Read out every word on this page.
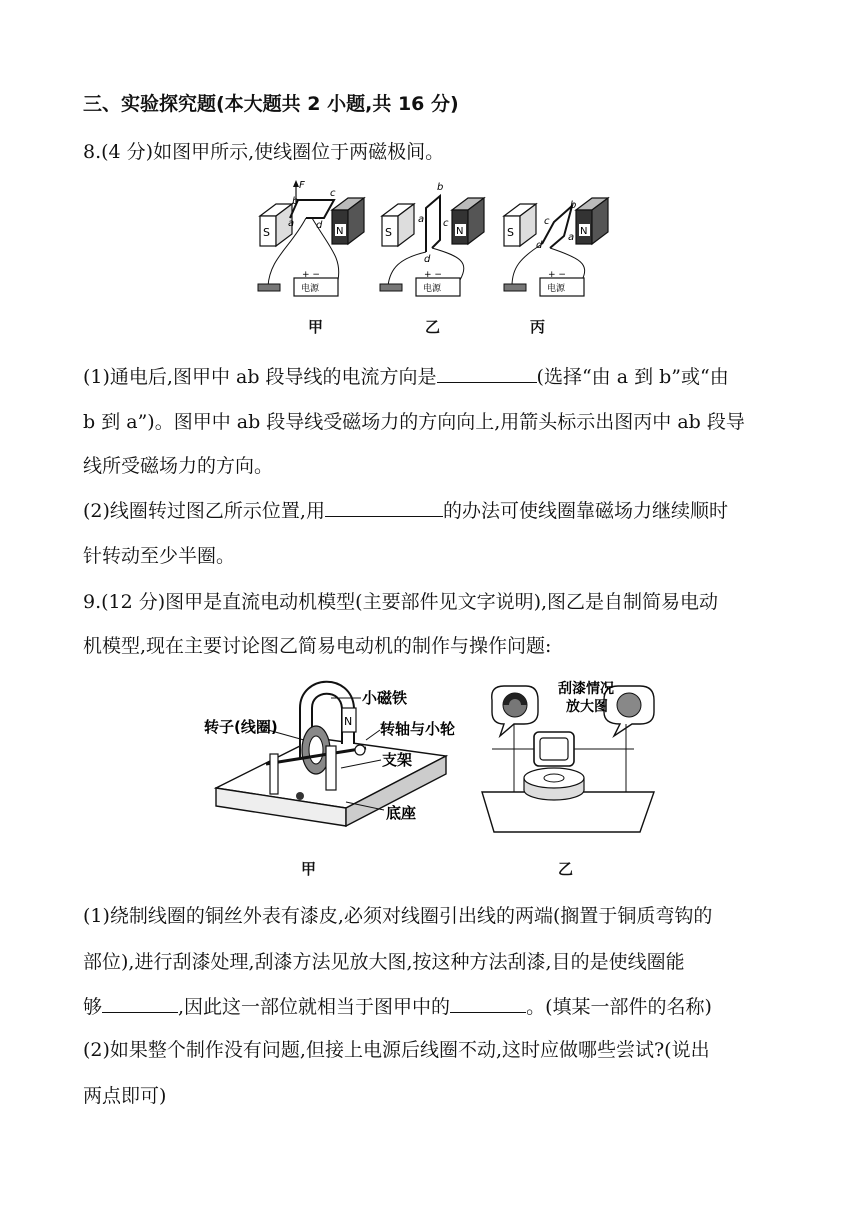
三、实验探究题(本大题共 2 小题,共 16 分)
8.(4 分)如图甲所示,使线圈位于两磁极间。
S	N
F
b
c
d
a
电源
+ −
S	N
b
a c
d
电源
+ −
S	N
b
c
a
d
电源
+ −
甲	乙	丙
(1)通电后,图甲中 ab 段导线的电流方向是	(选择“由 a 到 b”或“由
b 到 a”)。图甲中 ab 段导线受磁场力的方向向上,用箭头标示出图丙中 ab 段导
线所受磁场力的方向。
(2)线圈转过图乙所示位置,用	的办法可使线圈靠磁场力继续顺时
针转动至少半圈。
9.(12 分)图甲是直流电动机模型(主要部件见文字说明),图乙是自制简易电动
机模型,现在主要讨论图乙简易电动机的制作与操作问题:
N
小磁铁
转子(线圈)	转轴与小轮
支架
底座
刮漆情况
放大图
甲	乙
(1)绕制线圈的铜丝外表有漆皮,必须对线圈引出线的两端(搁置于铜质弯钩的
部位),进行刮漆处理,刮漆方法见放大图,按这种方法刮漆,目的是使线圈能
够	,因此这一部位就相当于图甲中的	。(填某一部件的名称)
(2)如果整个制作没有问题,但接上电源后线圈不动,这时应做哪些尝试?(说出
两点即可)
